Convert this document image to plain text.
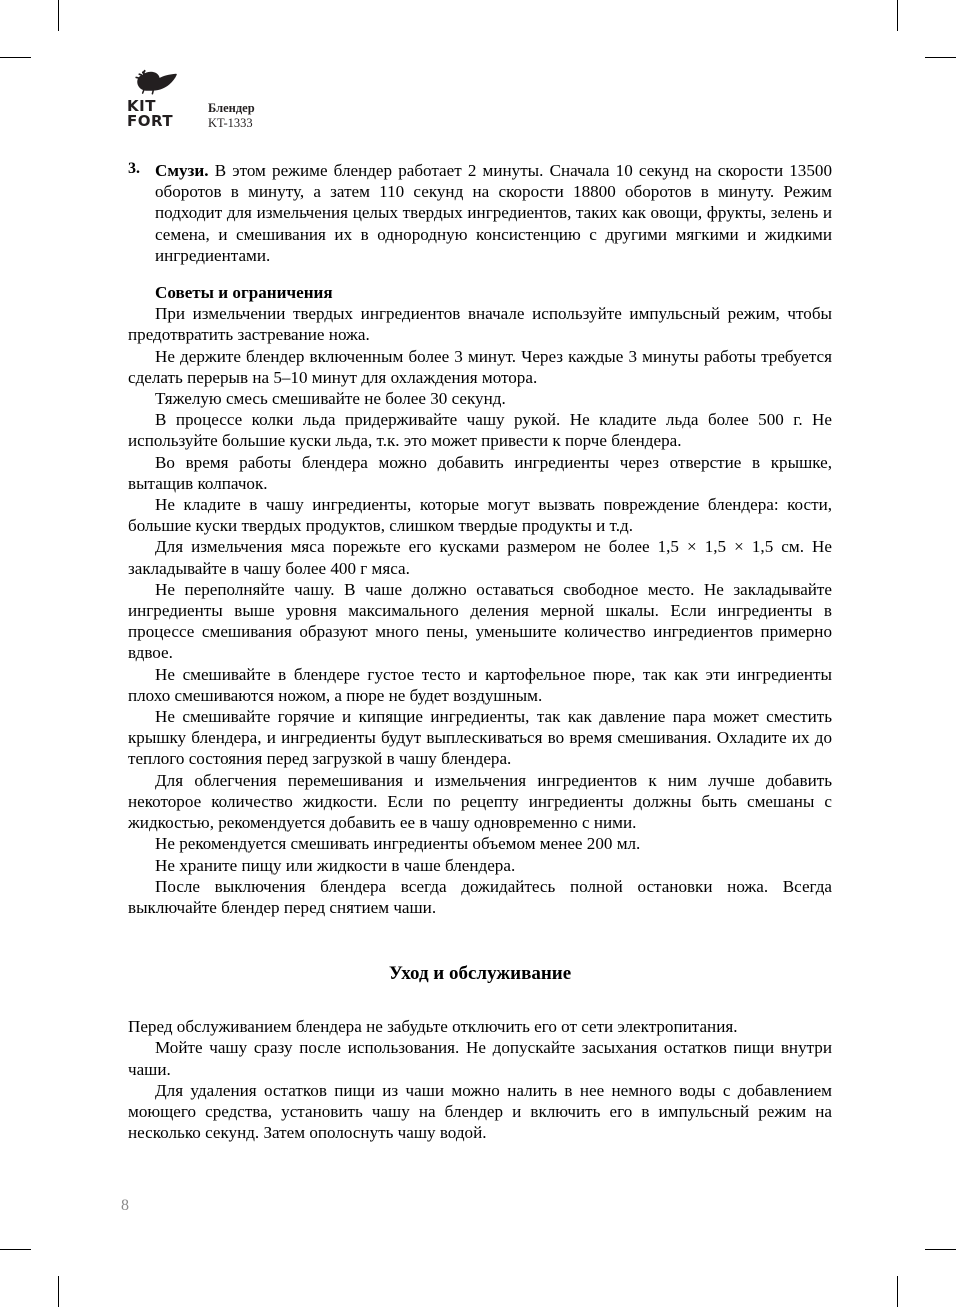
KIT
FORT
Блендер
KT-1333
3. Смузи. В этом режиме блендер работает 2 минуты. Сначала 10 секунд на скорости 13500 оборотов в минуту, а затем 110 секунд на скорости 18800 оборотов в минуту. Режим подходит для измельчения целых твердых ингредиентов, таких как овощи, фрукты, зелень и семена, и смешивания их в однородную консистенцию с другими мягкими и жидкими ингредиентами.

Советы и ограничения

При измельчении твердых ингредиентов вначале используйте импульсный режим, чтобы предотвратить застревание ножа.

Не держите блендер включенным более 3 минут. Через каждые 3 минуты работы требуется сделать перерыв на 5–10 минут для охлаждения мотора.

Тяжелую смесь смешивайте не более 30 секунд.

В процессе колки льда придерживайте чашу рукой. Не кладите льда более 500 г. Не используйте большие куски льда, т.к. это может привести к порче блендера.

Во время работы блендера можно добавить ингредиенты через отверстие в крышке, вытащив колпачок.

Не кладите в чашу ингредиенты, которые могут вызвать повреждение блендера: кости, большие куски твердых продуктов, слишком твердые продукты и т.д.

Для измельчения мяса порежьте его кусками размером не более 1,5 × 1,5 × 1,5 см. Не закладывайте в чашу более 400 г мяса.

Не переполняйте чашу. В чаше должно оставаться свободное место. Не закладывайте ингредиенты выше уровня максимального деления мерной шкалы. Если ингредиенты в процессе смешивания образуют много пены, уменьшите количество ингредиентов примерно вдвое.

Не смешивайте в блендере густое тесто и картофельное пюре, так как эти ингредиенты плохо смешиваются ножом, а пюре не будет воздушным.

Не смешивайте горячие и кипящие ингредиенты, так как давление пара может сместить крышку блендера, и ингредиенты будут выплескиваться во время смешивания. Охладите их до теплого состояния перед загрузкой в чашу блендера.

Для облегчения перемешивания и измельчения ингредиентов к ним лучше добавить некоторое количество жидкости. Если по рецепту ингредиенты должны быть смешаны с жидкостью, рекомендуется добавить ее в чашу одновременно с ними.

Не рекомендуется смешивать ингредиенты объемом менее 200 мл.

Не храните пищу или жидкости в чаше блендера.

После выключения блендера всегда дожидайтесь полной остановки ножа. Всегда выключайте блендер перед снятием чаши.

Уход и обслуживание

Перед обслуживанием блендера не забудьте отключить его от сети электропитания.

Мойте чашу сразу после использования. Не допускайте засыхания остатков пищи внутри чаши.

Для удаления остатков пищи из чаши можно налить в нее немного воды с добавлением моющего средства, установить чашу на блендер и включить его в импульсный режим на несколько секунд. Затем ополоснуть чашу водой.

8
